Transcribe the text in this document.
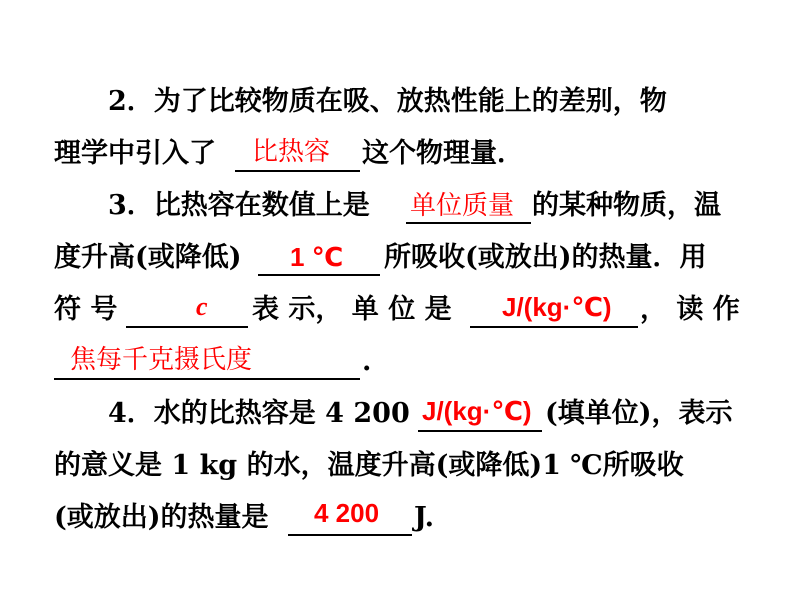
2．为了比较物质在吸、放热性能上的差别，物
理学中引入了 比热容 这个物理量．
3．比热容在数值上是 单位质量 的某种物质，温
度升高(或降低) 1 ℃ 所吸收(或放出)的热量．用
符 号	c 表 示， 单 位 是 J/(kg·℃) ， 读 作
焦每千克摄氏度	.
4．水的比热容是 4 200 J/(kg·℃) (填单位)，表示
的意义是 1 kg 的水，温度升高(或降低)1 ℃所吸收
(或放出)的热量是 4 200 J.
